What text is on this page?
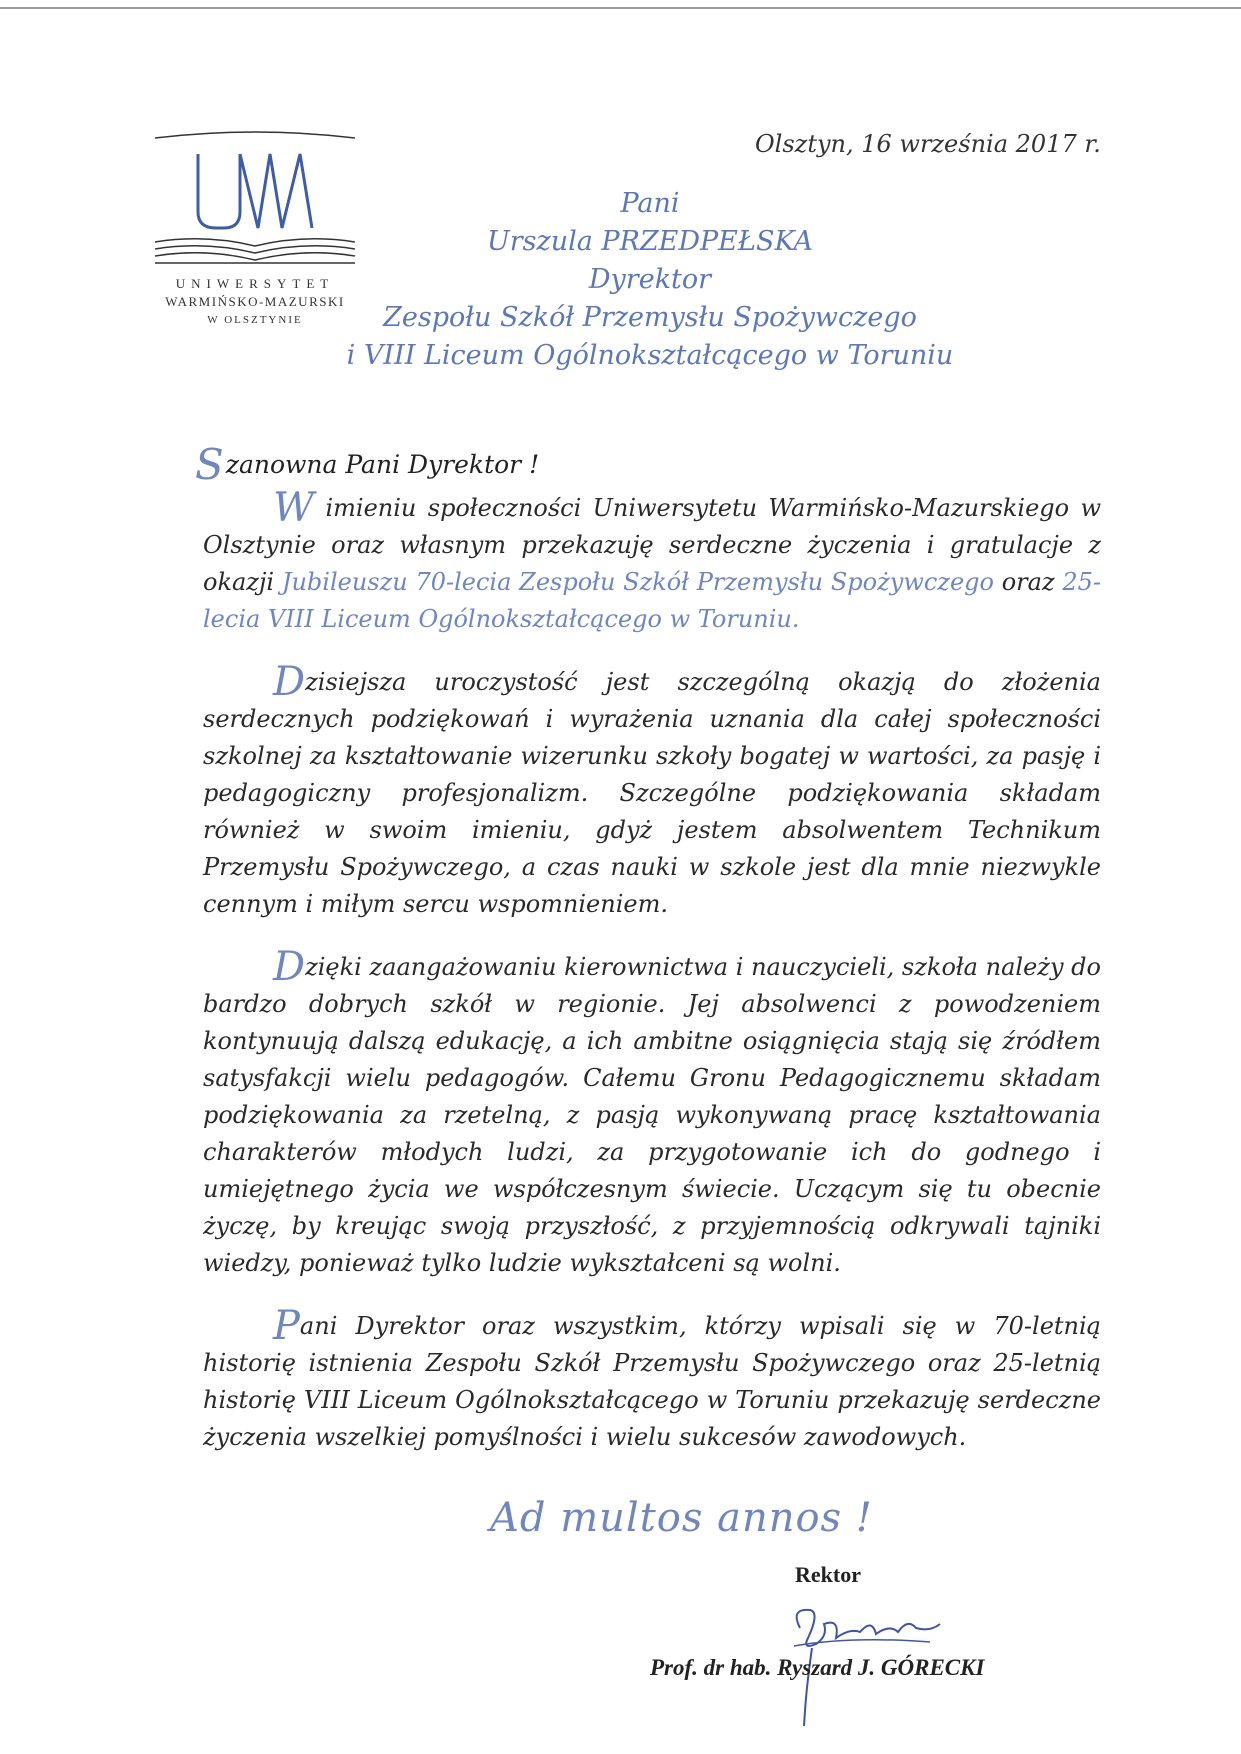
UNIWERSYTET
WARMIŃSKO-MAZURSKI
W OLSZTYNIE
Olsztyn, 16 września 2017 r.
Pani
Urszula PRZEDPEŁSKA
Dyrektor
Zespołu Szkół Przemysłu Spożywczego
i VIII Liceum Ogólnokształcącego w Toruniu
Szanowna Pani Dyrektor !

W imieniu społeczności Uniwersytetu Warmińsko-Mazurskiego w Olsztynie oraz własnym przekazuję serdeczne życzenia i gratulacje z okazji Jubileuszu 70-lecia Zespołu Szkół Przemysłu Spożywczego oraz 25-lecia VIII Liceum Ogólnokształcącego w Toruniu.

Dzisiejsza uroczystość jest szczególną okazją do złożenia serdecznych podziękowań i wyrażenia uznania dla całej społeczności szkolnej za kształtowanie wizerunku szkoły bogatej w wartości, za pasję i pedagogiczny profesjonalizm. Szczególne podziękowania składam również w swoim imieniu, gdyż jestem absolwentem Technikum Przemysłu Spożywczego, a czas nauki w szkole jest dla mnie niezwykle cennym i miłym sercu wspomnieniem.

Dzięki zaangażowaniu kierownictwa i nauczycieli, szkoła należy do bardzo dobrych szkół w regionie. Jej absolwenci z powodzeniem kontynuują dalszą edukację, a ich ambitne osiągnięcia stają się źródłem satysfakcji wielu pedagogów. Całemu Gronu Pedagogicznemu składam podziękowania za rzetelną, z pasją wykonywaną pracę kształtowania charakterów młodych ludzi, za przygotowanie ich do godnego i umiejętnego życia we współczesnym świecie. Uczącym się tu obecnie życzę, by kreując swoją przyszłość, z przyjemnością odkrywali tajniki wiedzy, ponieważ tylko ludzie wykształceni są wolni.

Pani Dyrektor oraz wszystkim, którzy wpisali się w 70-letnią historię istnienia Zespołu Szkół Przemysłu Spożywczego oraz 25-letnią historię VIII Liceum Ogólnokształcącego w Toruniu przekazuję serdeczne życzenia wszelkiej pomyślności i wielu sukcesów zawodowych.

Ad multos annos !
Rektor
Prof. dr hab. Ryszard J. GÓRECKI
